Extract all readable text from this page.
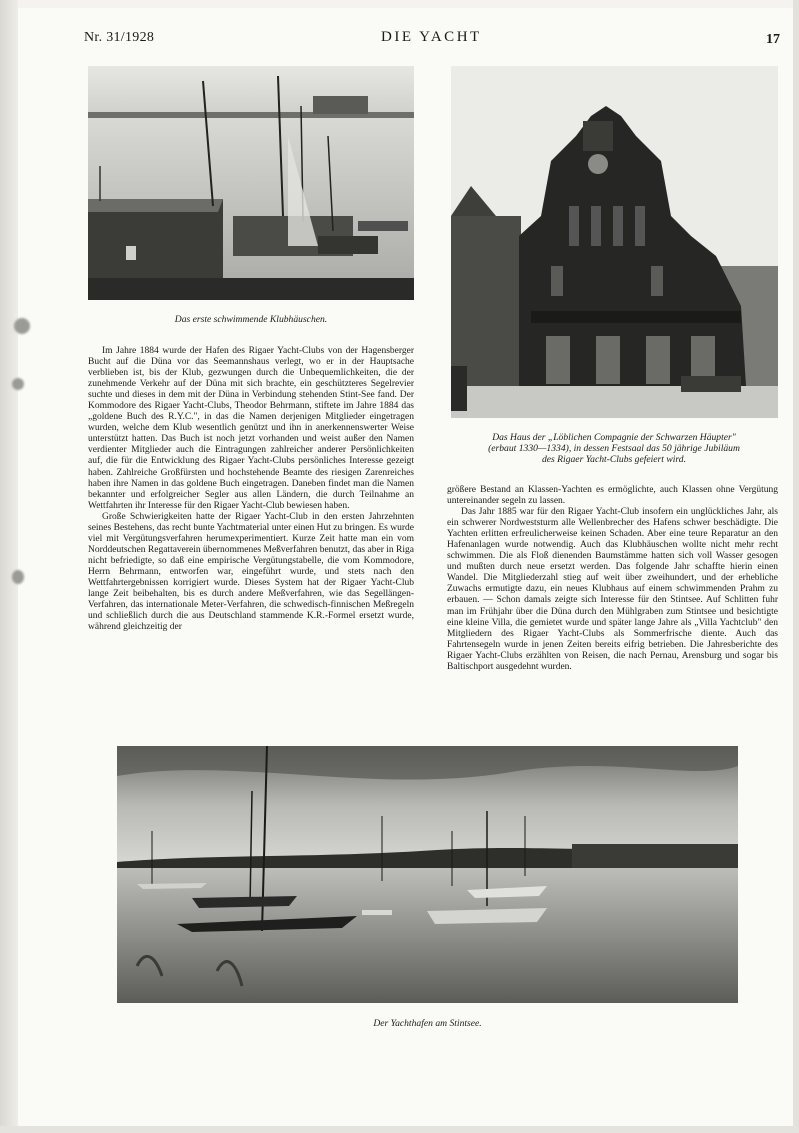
Nr. 31/1928	DIE YACHT	17
Das erste schwimmende Klubhäuschen.
Das Haus der „Löblichen Compagnie der Schwarzen Häupter"
(erbaut 1330—1334), in dessen Festsaal das 50 jährige Jubiläum
des Rigaer Yacht-Clubs gefeiert wird.

Im Jahre 1884 wurde der Hafen des Rigaer Yacht-Clubs von der Hagensberger Bucht auf die Düna vor das Seemannshaus verlegt, wo er in der Hauptsache verblieben ist, bis der Klub, gezwungen durch die Unbequemlichkeiten, die der zunehmende Verkehr auf der Düna mit sich brachte, ein geschützteres Segelrevier suchte und dieses in dem mit der Düna in Verbindung stehenden Stint-See fand. Der Kommodore des Rigaer Yacht-Clubs, Theodor Behrmann, stiftete im Jahre 1884 das „goldene Buch des R.Y.C.", in das die Namen derjenigen Mitglieder eingetragen wurden, welche dem Klub wesentlich genützt und ihn in anerkennenswerter Weise unterstützt hatten. Das Buch ist noch jetzt vorhanden und weist außer den Namen verdienter Mitglieder auch die Eintragungen zahlreicher anderer Persönlichkeiten auf, die für die Entwicklung des Rigaer Yacht-Clubs persönliches Interesse gezeigt haben. Zahlreiche Großfürsten und hochstehende Beamte des riesigen Zarenreiches haben ihre Namen in das goldene Buch eingetragen. Daneben findet man die Namen bekannter und erfolgreicher Segler aus allen Ländern, die durch Teilnahme an Wettfahrten ihr Interesse für den Rigaer Yacht-Club bewiesen haben.

Große Schwierigkeiten hatte der Rigaer Yacht-Club in den ersten Jahrzehnten seines Bestehens, das recht bunte Yachtmaterial unter einen Hut zu bringen. Es wurde viel mit Vergütungsverfahren herumexperimentiert. Kurze Zeit hatte man ein vom Norddeutschen Regattaverein übernommenes Meßverfahren benutzt, das aber in Riga nicht befriedigte, so daß eine empirische Vergütungstabelle, die vom Kommodore, Herrn Behrmann, entworfen war, eingeführt wurde, und stets nach den Wettfahrtergebnissen korrigiert wurde. Dieses System hat der Rigaer Yacht-Club lange Zeit beibehalten, bis es durch andere Meßverfahren, wie das Segellängen-Verfahren, das internationale Meter-Verfahren, die schwedisch-finnischen Meßregeln und schließlich durch die aus Deutschland stammende K.R.-Formel ersetzt wurde, während gleichzeitig der

größere Bestand an Klassen-Yachten es ermöglichte, auch Klassen ohne Vergütung untereinander segeln zu lassen.

Das Jahr 1885 war für den Rigaer Yacht-Club insofern ein unglückliches Jahr, als ein schwerer Nordweststurm alle Wellenbrecher des Hafens schwer beschädigte. Die Yachten erlitten erfreulicherweise keinen Schaden. Aber eine teure Reparatur an den Hafenanlagen wurde notwendig. Auch das Klubhäuschen wollte nicht mehr recht schwimmen. Die als Floß dienenden Baumstämme hatten sich voll Wasser gesogen und mußten durch neue ersetzt werden. Das folgende Jahr schaffte hierin einen Wandel. Die Mitgliederzahl stieg auf weit über zweihundert, und der erhebliche Zuwachs ermutigte dazu, ein neues Klubhaus auf einem schwimmenden Prahm zu erbauen. — Schon damals zeigte sich Interesse für den Stintsee. Auf Schlitten fuhr man im Frühjahr über die Düna durch den Mühlgraben zum Stintsee und besichtigte eine kleine Villa, die gemietet wurde und später lange Jahre als „Villa Yachtclub" den Mitgliedern des Rigaer Yacht-Clubs als Sommerfrische diente. Auch das Fahrtensegeln wurde in jenen Zeiten bereits eifrig betrieben. Die Jahresberichte des Rigaer Yacht-Clubs erzählten von Reisen, die nach Pernau, Arensburg und sogar bis Baltischport ausgedehnt wurden.

Der Yachthafen am Stintsee.
